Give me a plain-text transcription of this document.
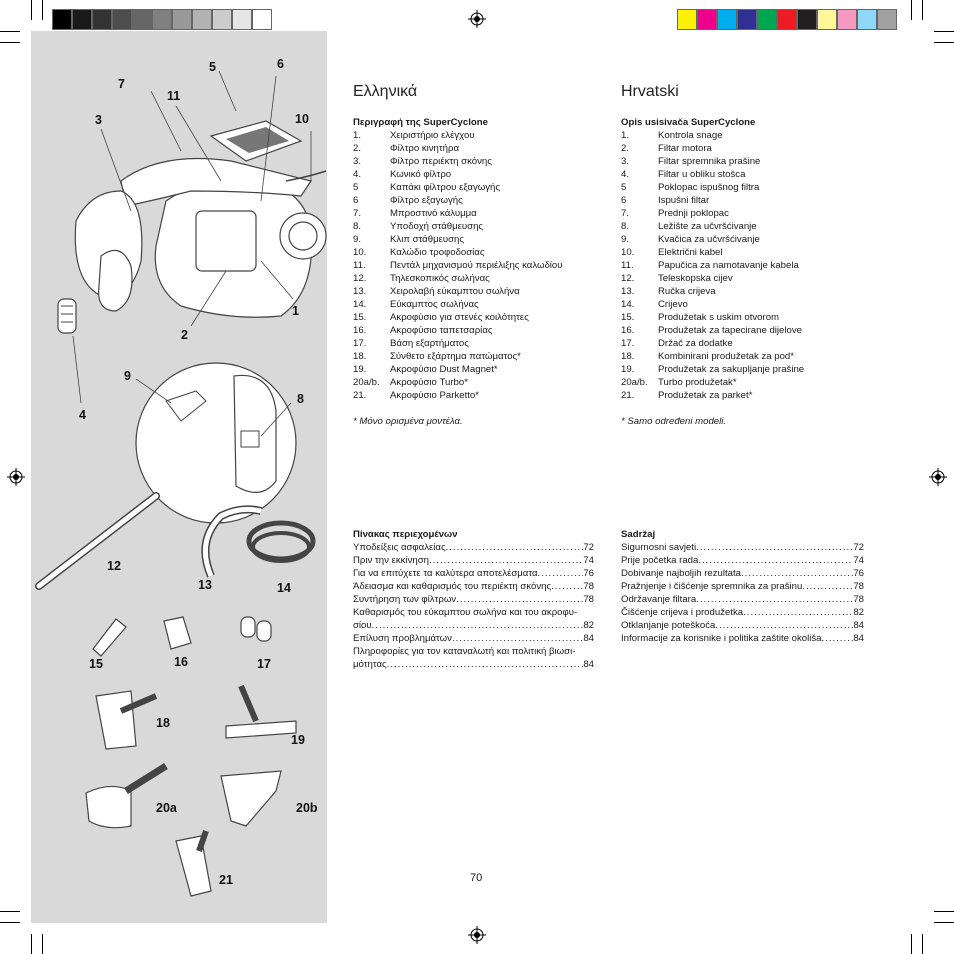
1
2
3
4
5	6
7
8
9
10
11
12
13	14
15	16	17
18
19
20a	20b
21
Ελληνικά
Περιγραφή της SuperCyclone
1.	Χειριστήριο ελέγχου
2.	Φίλτρο κινητήρα
3.	Φίλτρο περιέκτη σκόνης
4.	Κωνικό φίλτρο
5	Καπάκι φίλτρου εξαγωγής
6	Φίλτρο εξαγωγής
7.	Μπροστινό κάλυμμα
8.	Υποδοχή στάθμευσης
9.	Κλιπ στάθμευσης
10.	Καλώδιο τροφοδοσίας
11.	Πεντάλ μηχανισμού περιέλιξης καλωδίου
12.	Τηλεσκοπικός σωλήνας
13.	Χειρολαβή εύκαμπτου σωλήνα
14.	Εύκαμπτος σωλήνας
15.	Ακροφύσιο για στενές κοιλότητες
16.	Ακροφύσιο ταπετσαρίας
17.	Βάση εξαρτήματος
18.	Σύνθετο εξάρτημα πατώματος*
19.	Ακροφύσιο Dust Magnet*
20a/b.	Ακροφύσιο Turbo*
21.	Ακροφύσιο Parketto*
* Μόνο ορισμένα μοντέλα.
Hrvatski
Opis usisivača SuperCyclone
1.	Kontrola snage
2.	Filtar motora
3.	Filtar spremnika prašine
4.	Filtar u obliku stošca
5	Poklopac ispušnog filtra
6	Ispušni filtar
7.	Prednji poklopac
8.	Ležište za učvršćivanje
9.	Kvačica za učvršćivanje
10.	Električni kabel
11.	Papučica za namotavanje kabela
12.	Teleskopska cijev
13.	Ručka crijeva
14.	Crijevo
15.	Produžetak s uskim otvorom
16.	Produžetak za tapecirane dijelove
17.	Držač za dodatke
18.	Kombinirani produžetak za pod*
19.	Produžetak za sakupljanje prašine
20a/b.	Turbo produžetak*
21.	Produžetak za parket*
* Samo određeni modeli.
Πίνακας περιεχομένων
Υποδείξεις ασφαλείας .....	72
Πριν την εκκίνηση .....	74
Για να επιτύχετε τα καλύτερα αποτελέσματα .....	76
Άδειασμα και καθαρισμός του περιέκτη σκόνης .....	78
Συντήρηση των φίλτρων .....	78
Καθαρισμός του εύκαμπτου σωλήνα και του ακροφυ-
σίου .....	82
Επίλυση προβλημάτων .....	84
Πληροφορίες για τον καταναλωτή και πολιτική βιωσι-
μότητας .....	84
Sadržaj
Sigurnosni savjeti .....	72
Prije početka rada .....	74
Dobivanje najboljih rezultata .....	76
Pražnjenje i čišćenje spremnika za prašinu .....	78
Održavanje filtara .....	78
Čišćenje crijeva i produžetka .....	82
Otklanjanje poteškoća .....	84
Informacije za korisnike i politika zaštite okoliša .....	84
70
